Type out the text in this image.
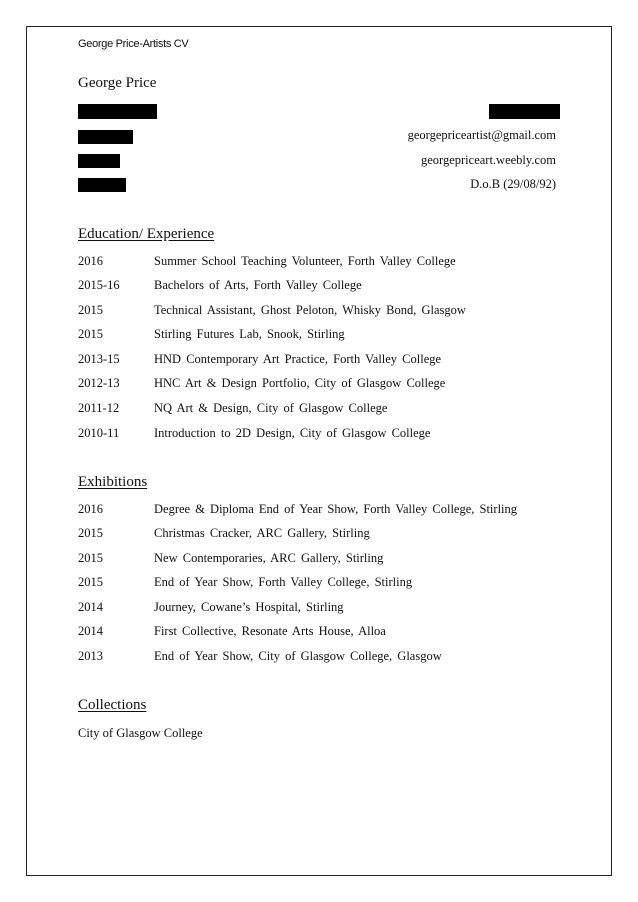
George Price-Artists CV
George Price
georgepriceartist@gmail.com
georgepriceart.weebly.com
D.o.B (29/08/92)
Education/ Experience
2016	Summer School Teaching Volunteer, Forth Valley College
2015-16	Bachelors of Arts, Forth Valley College
2015	Technical Assistant, Ghost Peloton, Whisky Bond, Glasgow
2015	Stirling Futures Lab, Snook, Stirling
2013-15	HND Contemporary Art Practice, Forth Valley College
2012-13	HNC Art & Design Portfolio, City of Glasgow College
2011-12	NQ Art & Design, City of Glasgow College
2010-11	Introduction to 2D Design, City of Glasgow College
Exhibitions
2016	Degree & Diploma End of Year Show, Forth Valley College, Stirling
2015	Christmas Cracker, ARC Gallery, Stirling
2015	New Contemporaries, ARC Gallery, Stirling
2015	End of Year Show, Forth Valley College, Stirling
2014	Journey, Cowane’s Hospital, Stirling
2014	First Collective, Resonate Arts House, Alloa
2013	End of Year Show, City of Glasgow College, Glasgow
Collections
City of Glasgow College
